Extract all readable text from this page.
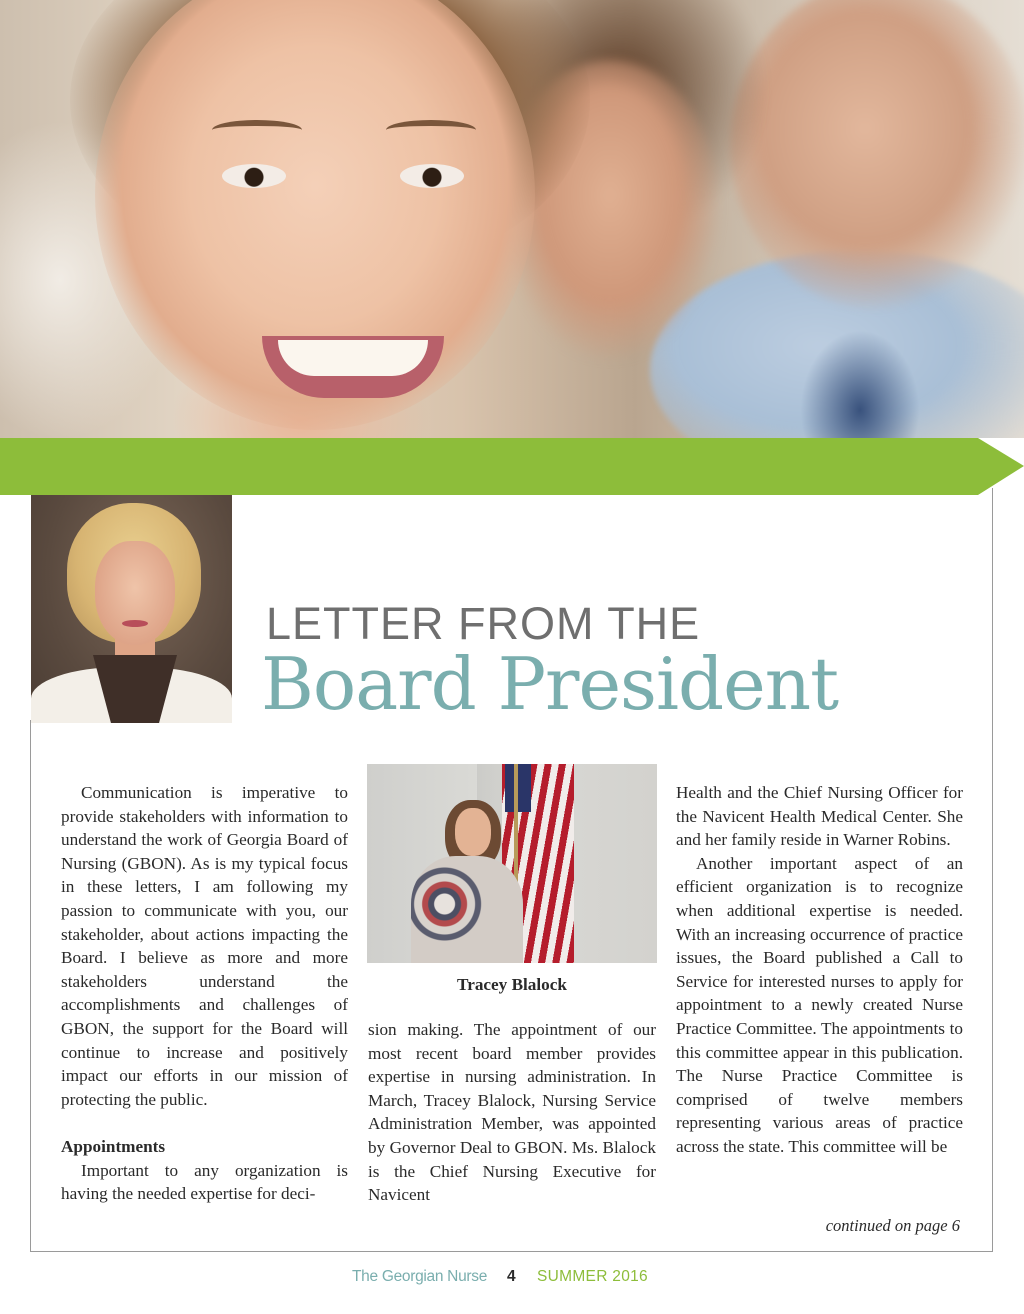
LETTER FROM THE
Board President

Communication is imperative to provide stakeholders with information to understand the work of Georgia Board of Nursing (GBON). As is my typical focus in these letters, I am following my passion to communicate with you, our stakeholder, about actions impacting the Board. I believe as more and more stakeholders understand the accomplishments and challenges of GBON, the support for the Board will continue to increase and positively impact our efforts in our mission of protecting the public.

Appointments

Important to any organization is having the needed expertise for deci-

Tracey Blalock

sion making. The appointment of our most recent board member provides expertise in nursing administration. In March, Tracey Blalock, Nursing Service Administration Member, was appointed by Governor Deal to GBON. Ms. Blalock is the Chief Nursing Executive for Navicent

Health and the Chief Nursing Officer for the Navicent Health Medical Center. She and her family reside in Warner Robins.

Another important aspect of an efficient organization is to recognize when additional expertise is needed. With an increasing occurrence of practice issues, the Board published a Call to Service for interested nurses to apply for appointment to a newly created Nurse Practice Committee. The appointments to this committee appear in this publication. The Nurse Practice Committee is comprised of twelve members representing various areas of practice across the state. This committee will be

continued on page 6
The Georgian Nurse 4 SUMMER 2016
